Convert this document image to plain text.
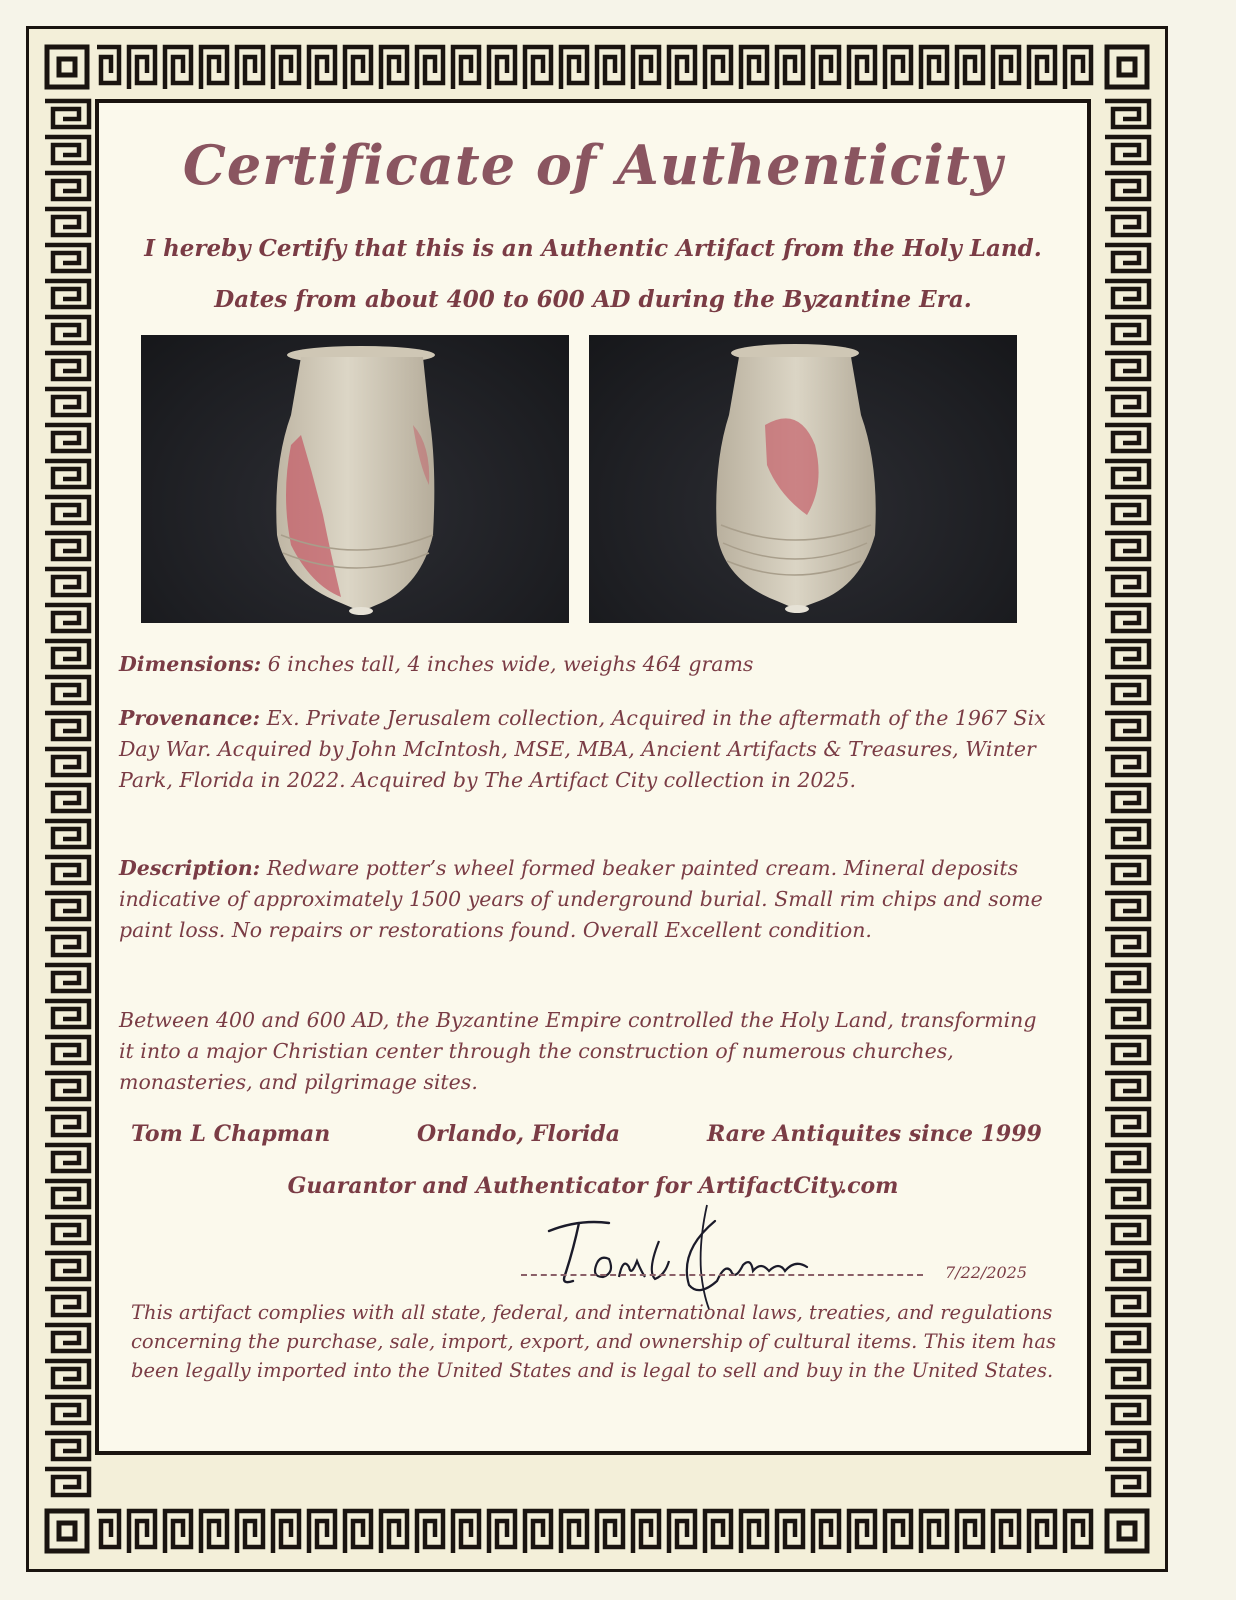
Certificate of Authenticity
I hereby Certify that this is an Authentic Artifact from the Holy Land.
Dates from about 400 to 600 AD during the Byzantine Era.
Dimensions: 6 inches tall, 4 inches wide, weighs 464 grams
Provenance: Ex. Private Jerusalem collection, Acquired in the aftermath of the 1967 Six Day War. Acquired by John McIntosh, MSE, MBA, Ancient Artifacts & Treasures, Winter Park, Florida in 2022. Acquired by The Artifact City collection in 2025.
Description: Redware potter’s wheel formed beaker painted cream. Mineral deposits indicative of approximately 1500 years of underground burial. Small rim chips and some paint loss. No repairs or restorations found. Overall Excellent condition.
Between 400 and 600 AD, the Byzantine Empire controlled the Holy Land, transforming it into a major Christian center through the construction of numerous churches, monasteries, and pilgrimage sites.
Tom L Chapman	Orlando, Florida	Rare Antiquites since 1999
Guarantor and Authenticator for ArtifactCity.com
7/22/2025
This artifact complies with all state, federal, and international laws, treaties, and regulations concerning the purchase, sale, import, export, and ownership of cultural items. This item has been legally imported into the United States and is legal to sell and buy in the United States.
